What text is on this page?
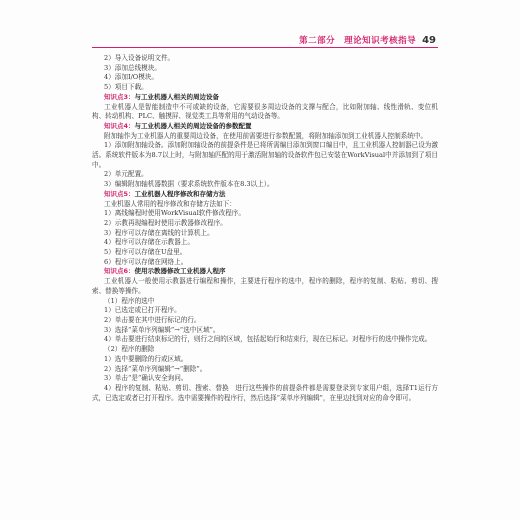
第二部分　理论知识考核指导 49
2）导入设备说明文件。
3）添加总线模块。
4）添加I/O模块。
5）项目下载。
知识点3：与工业机器人相关的周边设备
工业机器人是智能制造中不可或缺的设备，它需要很多周边设备的支撑与配合，比如附加轴、线性滑轨、变位机构、转动机构、PLC、触摸屏、视觉类工具等常用的气动设备等。
知识点4：与工业机器人相关的周边设备的参数配置
附加轴作为工业机器人的重要周边设备，在使用前需要进行参数配置，将附加轴添加到工业机器人控制系统中。
1）添加附加轴设备。添加附加轴设备的前提条件是已将所需编目添加到窗口编目中，且工业机器人控制器已设为激活。系统软件版本为8.7以上时，与附加轴匹配的用于激活附加轴的设备软件包已安装在WorkVisual中并添加到了项目中。
2）单元配置。
3）编辑附加轴机器数据（要求系统软件版本在8.3以上）。
知识点5：工业机器人程序修改和存储方法
工业机器人常用的程序修改和存储方法如下：
1）离线编程时使用WorkVisual软件修改程序。
2）示教再现编程时使用示教器修改程序。
3）程序可以存储在离线的计算机上。
4）程序可以存储在示教器上。
5）程序可以存储在U盘里。
6）程序可以存储在网络上。
知识点6：使用示教器修改工业机器人程序
工业机器人一般使用示教器进行编程和操作，主要进行程序的选中，程序的删除，程序的复制、粘贴、剪切、搜索、替换等操作。
（1）程序的选中
1）已选定或已打开程序。
2）单击要在其中进行标记的行。
3）选择“菜单序列编辑”→“选中区域”。
4）单击要进行结束标记的行，则行之间的区域，包括起始行和结束行，现在已标记。对程序行的选中操作完成。
（2）程序的删除
1）选中要删除的行或区域。
2）选择“菜单序列编辑”→“删除”。
3）单击“是”确认安全询问。
4）程序的复制、粘贴、剪切、搜索、替换　进行这些操作的前提条件都是需要登录到专家用户组，选择T1运行方式，已选定或者已打开程序。选中需要操作的程序行，然后选择“菜单序列编辑”，在里边找到对应的命令即可。
